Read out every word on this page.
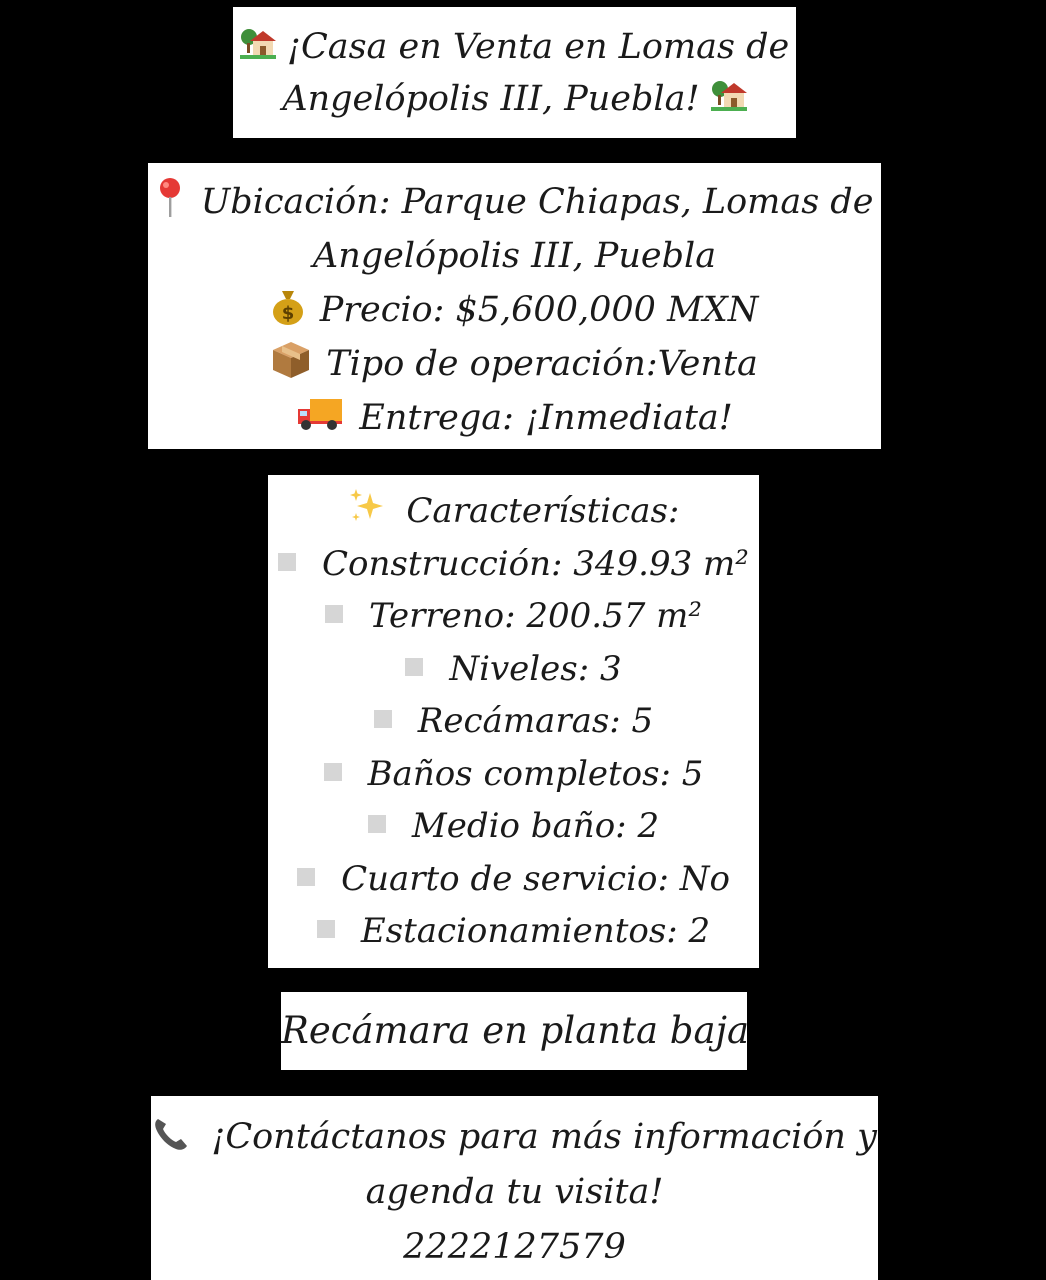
¡Casa en Venta en Lomas de
Angelópolis III, Puebla!
Ubicación: Parque Chiapas, Lomas de
Angelópolis III, Puebla
$ Precio: $5,600,000 MXN
Tipo de operación:Venta
Entrega: ¡Inmediata!
Características:
Construcción: 349.93 m²
Terreno: 200.57 m²
Niveles: 3
Recámaras: 5
Baños completos: 5
Medio baño: 2
Cuarto de servicio: No
Estacionamientos: 2
Recámara en planta baja
¡Contáctanos para más información y
agenda tu visita!
2222127579
